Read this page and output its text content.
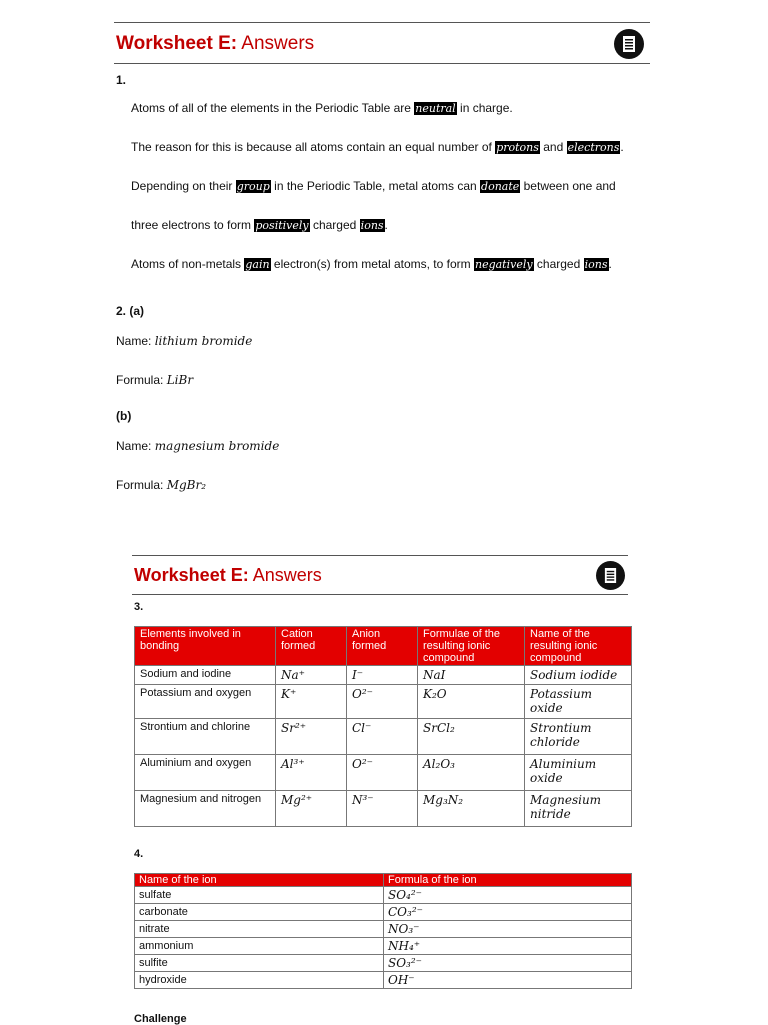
Worksheet E: Answers
1.
Atoms of all of the elements in the Periodic Table are neutral in charge.
The reason for this is because all atoms contain an equal number of protons and electrons.
Depending on their group in the Periodic Table, metal atoms can donate between one and
three electrons to form positively charged ions.
Atoms of non-metals gain electron(s) from metal atoms, to form negatively charged ions.
2. (a)
Name: lithium bromide
Formula: LiBr
(b)
Name: magnesium bromide
Formula: MgBr₂
Worksheet E: Answers
3.
Elements involved in bonding	Cation formed	Anion formed	Formulae of the resulting ionic compound	Name of the resulting ionic compound
Sodium and iodine	Na⁺	I⁻	NaI	Sodium iodide
Potassium and oxygen	K⁺	O²⁻	K₂O	Potassium oxide
Strontium and chlorine	Sr²⁺	Cl⁻	SrCl₂	Strontium chloride
Aluminium and oxygen	Al³⁺	O²⁻	Al₂O₃	Aluminium oxide
Magnesium and nitrogen	Mg²⁺	N³⁻	Mg₃N₂	Magnesium nitride
4.
Name of the ion	Formula of the ion
sulfate	SO₄²⁻
carbonate	CO₃²⁻
nitrate	NO₃⁻
ammonium	NH₄⁺
sulfite	SO₃²⁻
hydroxide	OH⁻
Challenge
